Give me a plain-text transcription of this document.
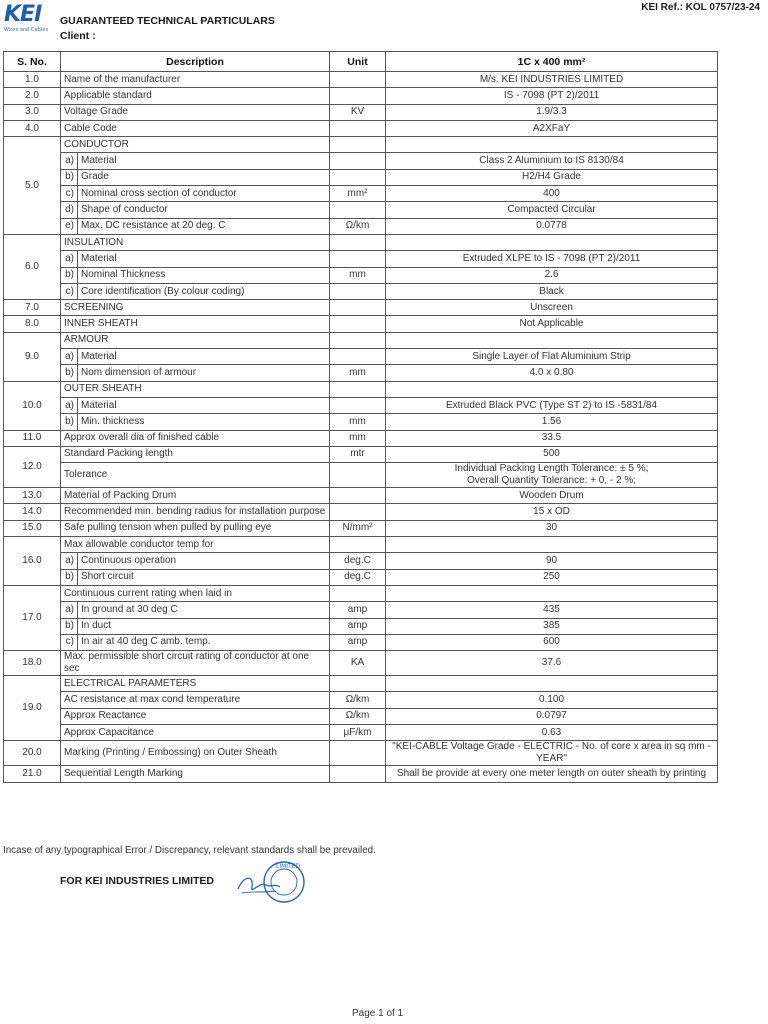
KEI
Wires and Cables
GUARANTEED TECHNICAL PARTICULARS
Client :
KEI Ref.: KOL 0757/23-24
S. No.	Description		Unit	1C x 400 mm²
1.0	Name of the manufacturer			M/s. KEI INDUSTRIES LIMITED
2.0	Applicable standard			IS - 7098 (PT 2)/2011
3.0	Voltage Grade		KV	1.9/3.3
4.0	Cable Code			A2XFaY
5.0	CONDUCTOR			
	a)	Material		Class 2 Aluminium to IS 8130/84
	b)	Grade		H2/H4 Grade
	c)	Nominal cross section of conductor	mm²	400
	d)	Shape of conductor		Compacted Circular
	e)	Max. DC resistance at 20 deg. C	Ω/km	0.0778
6.0	INSULATION			
	a)	Material		Extruded XLPE to IS - 7098 (PT 2)/2011
	b)	Nominal Thickness	mm	2.6
	c)	Core identification (By colour coding)		Black
7.0	SCREENING			Unscreen
8.0	INNER SHEATH			Not Applicable
9.0	ARMOUR			
	a)	Material		Single Layer of Flat Aluminium Strip
	b)	Nom dimension of armour	mm	4.0 x 0.80
10.0	OUTER SHEATH			
	a)	Material		Extruded Black PVC (Type ST 2) to IS -5831/84
	b)	Min. thickness	mm	1.56
11.0	Approx overall dia of finished cable		mm	33.5
12.0	Standard Packing length		mtr	500
	Tolerance			Individual Packing Length Tolerance: ± 5 %;
Overall Quantity Tolerance: + 0, - 2 %;

13.0	Material of Packing Drum			Wooden Drum
14.0	Recommended min. bending radius for installation purpose			15 x OD
15.0	Safe pulling tension when pulled by pulling eye		N/mm²	30
16.0	Max allowable conductor temp for			
	a)	Continuous operation	deg.C	90
	b)	Short circuit	deg.C	250
17.0	Continuous current rating when laid in			
	a)	In ground at 30 deg C	amp	435
	b)	In duct	amp	385
	c)	In air at 40 deg C amb. temp.	amp	600
18.0	Max. permissible short circuit rating of conductor at one sec		KA	37.6
19.0	ELECTRICAL PARAMETERS			
	AC resistance at max cond temperature		Ω/km	0.100
	Approx Reactance		Ω/km	0.0797
	Approx Capacitance		μF/km	0.63
20.0	Marking (Printing / Embossing) on Outer Sheath			"KEI-CABLE Voltage Grade - ELECTRIC - No. of core x area in sq mm - YEAR"
21.0	Sequential Length Marking			Shall be provide at every one meter length on outer sheath by printing
Incase of any typographical Error / Discrepancy, relevant standards shall be prevailed.
FOR KEI INDUSTRIES LIMITED
LIMITED
Page 1 of 1
